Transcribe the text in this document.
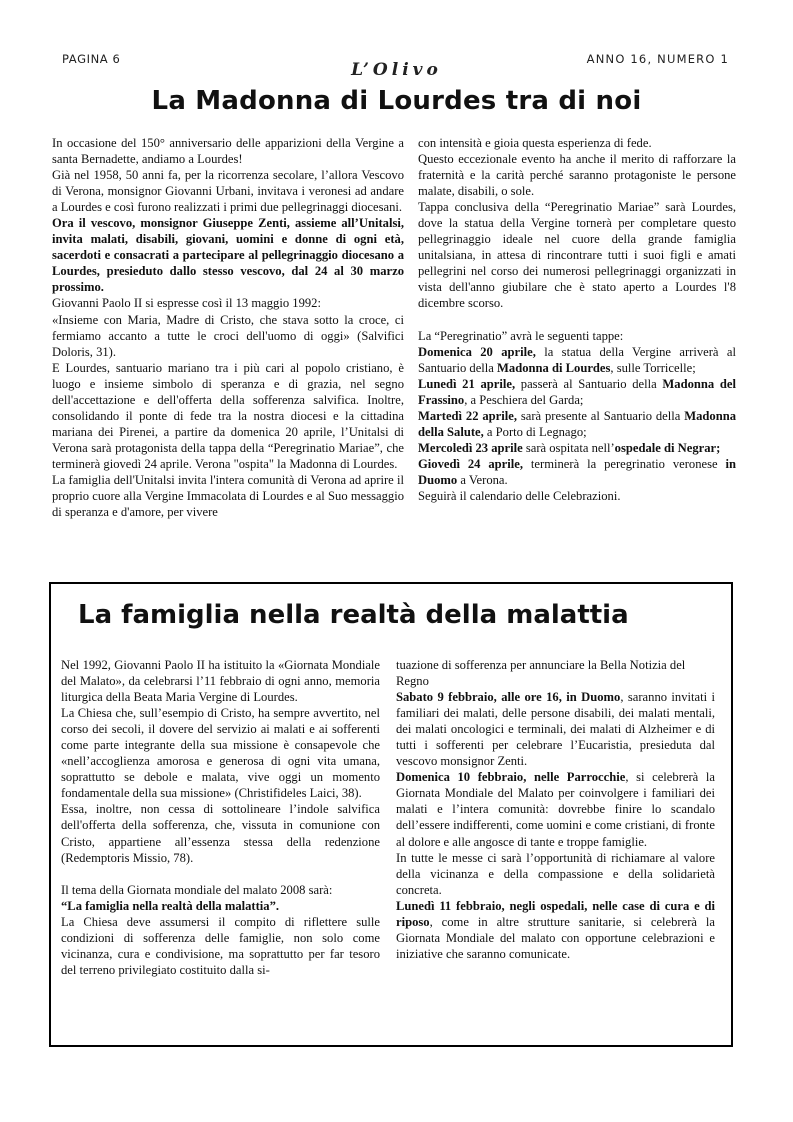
PAGINA 6
L’Olivo
ANNO 16, NUMERO 1
La Madonna di Lourdes tra di noi

In occasione del 150° anniversario delle apparizioni della Vergine a santa Bernadette, andiamo a Lourdes!

Già nel 1958, 50 anni fa, per la ricorrenza secolare, l’allora Vescovo di Verona, monsignor Giovanni Urbani, invitava i veronesi ad andare a Lourdes e così furono realizzati i primi due pellegrinaggi diocesani.

Ora il vescovo, monsignor Giuseppe Zenti, assieme all’Unitalsi, invita malati, disabili, giovani, uomini e donne di ogni età, sacerdoti e consacrati a partecipare al pellegrinaggio diocesano a Lourdes, presieduto dallo stesso vescovo, dal 24 al 30 marzo prossimo.

Giovanni Paolo II si espresse così il 13 maggio 1992:

«Insieme con Maria, Madre di Cristo, che stava sotto la croce, ci fermiamo accanto a tutte le croci dell'uomo di oggi» (Salvifici Doloris, 31).

E Lourdes, santuario mariano tra i più cari al popolo cristiano, è luogo e insieme simbolo di speranza e di grazia, nel segno dell'accettazione e dell'offerta della sofferenza salvifica. Inoltre, consolidando il ponte di fede tra la nostra diocesi e la cittadina mariana dei Pirenei, a partire da domenica 20 aprile, l’Unitalsi di Verona sarà protagonista della tappa della “Peregrinatio Mariae”, che terminerà giovedì 24 aprile. Verona "ospita" la Madonna di Lourdes.

La famiglia dell'Unitalsi invita l'intera comunità di Verona ad aprire il proprio cuore alla Vergine Immacolata di Lourdes e al Suo messaggio di speranza e d'amore, per vivere

con intensità e gioia questa esperienza di fede.

Questo eccezionale evento ha anche il merito di rafforzare la fraternità e la carità perché saranno protagoniste le persone malate, disabili, o sole.

Tappa conclusiva della “Peregrinatio Mariae” sarà Lourdes, dove la statua della Vergine tornerà per completare questo pellegrinaggio ideale nel cuore della grande famiglia unitalsiana, in attesa di rincontrare tutti i suoi figli e amati pellegrini nel corso dei numerosi pellegrinaggi organizzati in vista dell'anno giubilare che è stato aperto a Lourdes l'8 dicembre scorso.

La “Peregrinatio” avrà le seguenti tappe:

Domenica 20 aprile, la statua della Vergine arriverà al Santuario della Madonna di Lourdes, sulle Torricelle;

Lunedì 21 aprile, passerà al Santuario della Madonna del Frassino, a Peschiera del Garda;

Martedì 22 aprile, sarà presente al Santuario della Madonna della Salute, a Porto di Legnago;

Mercoledì 23 aprile sarà ospitata nell’ospedale di Negrar;

Giovedì 24 aprile, terminerà la peregrinatio veronese in Duomo a Verona.

Seguirà il calendario delle Celebrazioni.

La famiglia nella realtà della malattia

Nel 1992, Giovanni Paolo II ha istituito la «Giornata Mondiale del Malato», da celebrarsi l’11 febbraio di ogni anno, memoria liturgica della Beata Maria Vergine di Lourdes.

La Chiesa che, sull’esempio di Cristo, ha sempre avvertito, nel corso dei secoli, il dovere del servizio ai malati e ai sofferenti come parte integrante della sua missione è consapevole che «nell’accoglienza amorosa e generosa di ogni vita umana, soprattutto se debole e malata, vive oggi un momento fondamentale della sua missione» (Christifideles Laici, 38).

Essa, inoltre, non cessa di sottolineare l’indole salvifica dell'offerta della sofferenza, che, vissuta in comunione con Cristo, appartiene all’essenza stessa della redenzione (Redemptoris Missio, 78).

Il tema della Giornata mondiale del malato 2008 sarà:

“La famiglia nella realtà della malattia”.

La Chiesa deve assumersi il compito di riflettere sulle condizioni di sofferenza delle famiglie, non solo come vicinanza, cura e condivisione, ma soprattutto per far tesoro del terreno privilegiato costituito dalla si-

tuazione di sofferenza per annunciare la Bella Notizia del Regno

Sabato 9 febbraio, alle ore 16, in Duomo, saranno invitati i familiari dei malati, delle persone disabili, dei malati mentali, dei malati oncologici e terminali, dei malati di Alzheimer e di tutti i sofferenti per celebrare l’Eucaristia, presieduta dal vescovo monsignor Zenti.

Domenica 10 febbraio, nelle Parrocchie, si celebrerà la Giornata Mondiale del Malato per coinvolgere i familiari dei malati e l’intera comunità: dovrebbe finire lo scandalo dell’essere indifferenti, come uomini e come cristiani, di fronte al dolore e alle angosce di tante e troppe famiglie.

In tutte le messe ci sarà l’opportunità di richiamare al valore della vicinanza e della compassione e della solidarietà concreta.

Lunedì 11 febbraio, negli ospedali, nelle case di cura e di riposo, come in altre strutture sanitarie, si celebrerà la Giornata Mondiale del malato con opportune celebrazioni e iniziative che saranno comunicate.
